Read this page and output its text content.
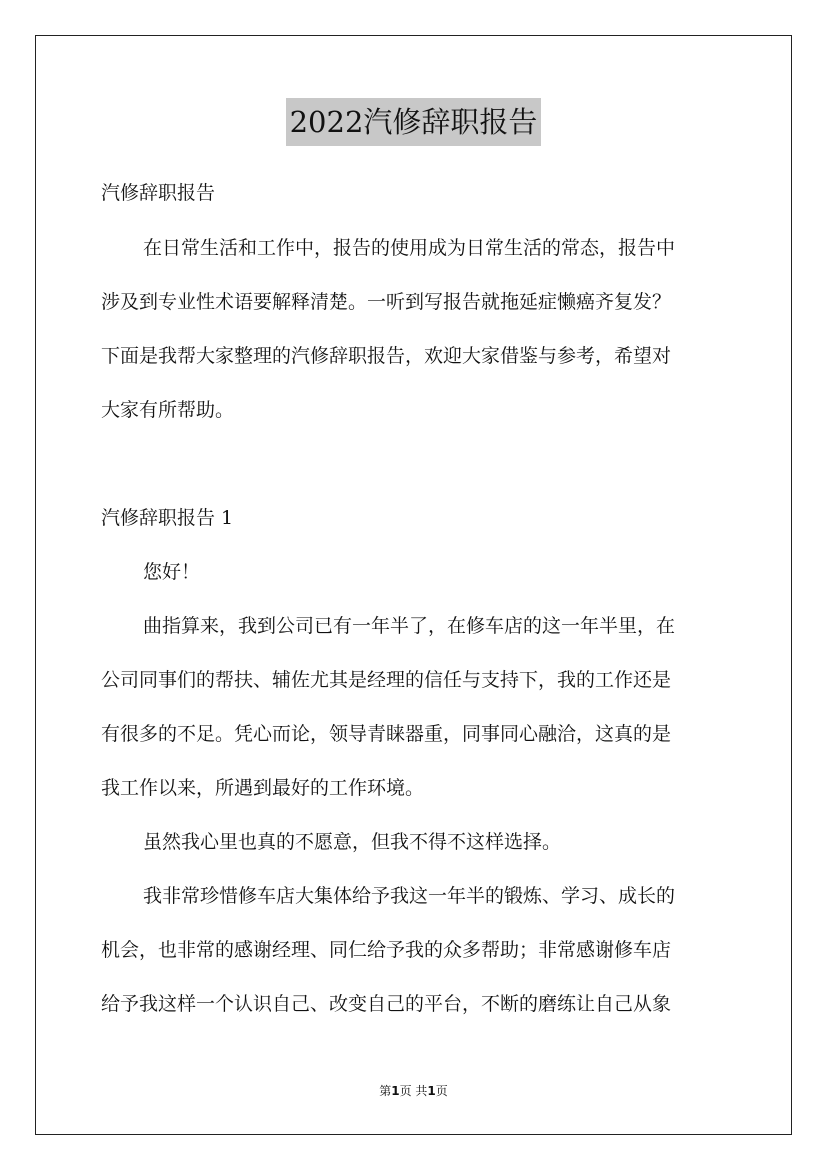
2022汽修辞职报告

汽修辞职报告

在日常生活和工作中，报告的使用成为日常生活的常态，报告中
涉及到专业性术语要解释清楚。一听到写报告就拖延症懒癌齐复发？
下面是我帮大家整理的汽修辞职报告，欢迎大家借鉴与参考，希望对
大家有所帮助。

汽修辞职报告 1

您好！
曲指算来，我到公司已有一年半了，在修车店的这一年半里，在
公司同事们的帮扶、辅佐尤其是经理的信任与支持下，我的工作还是
有很多的不足。凭心而论，领导青睐器重，同事同心融洽，这真的是
我工作以来，所遇到最好的工作环境。
虽然我心里也真的不愿意，但我不得不这样选择。
我非常珍惜修车店大集体给予我这一年半的锻炼、学习、成长的
机会，也非常的感谢经理、同仁给予我的众多帮助；非常感谢修车店
给予我这样一个认识自己、改变自己的平台，不断的磨练让自己从象
第1页 共1页
